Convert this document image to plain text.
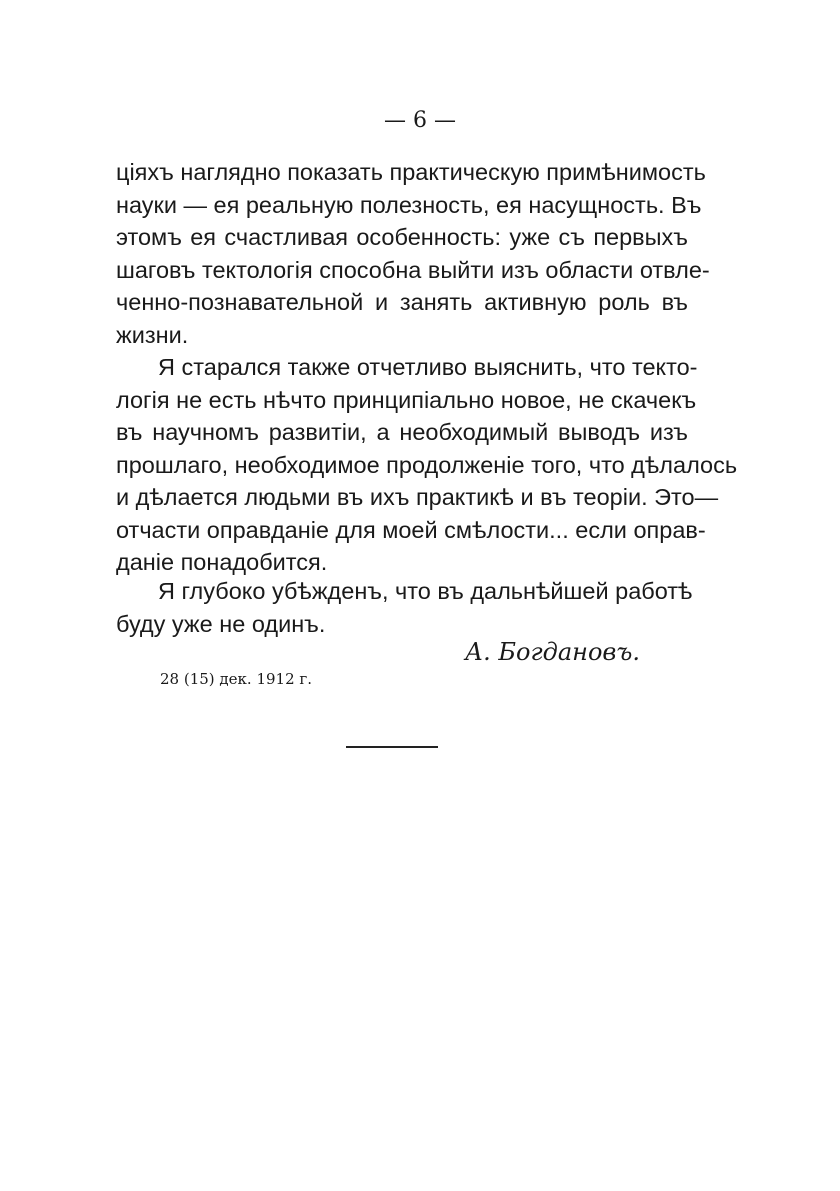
— 6 —
ціяхъ наглядно показать практическую примѣнимость
науки — ея реальную полезность, ея насущность. Въ
этомъ ея счастливая особенность: уже съ первыхъ
шаговъ тектологія способна выйти изъ области отвле-
ченно-познавательной и занять активную роль въ
жизни.
Я старался также отчетливо выяснить, что текто-
логія не есть нѣчто принципіально новое, не скачекъ
въ научномъ развитіи, а необходимый выводъ изъ
прошлаго, необходимое продолженіе того, что дѣлалось
и дѣлается людьми въ ихъ практикѣ и въ теоріи. Это—
отчасти оправданіе для моей смѣлости... если оправ-
даніе понадобится.
Я глубоко убѣжденъ, что въ дальнѣйшей работѣ
буду уже не одинъ.
А. Богдановъ.
28 (15) дек. 1912 г.
